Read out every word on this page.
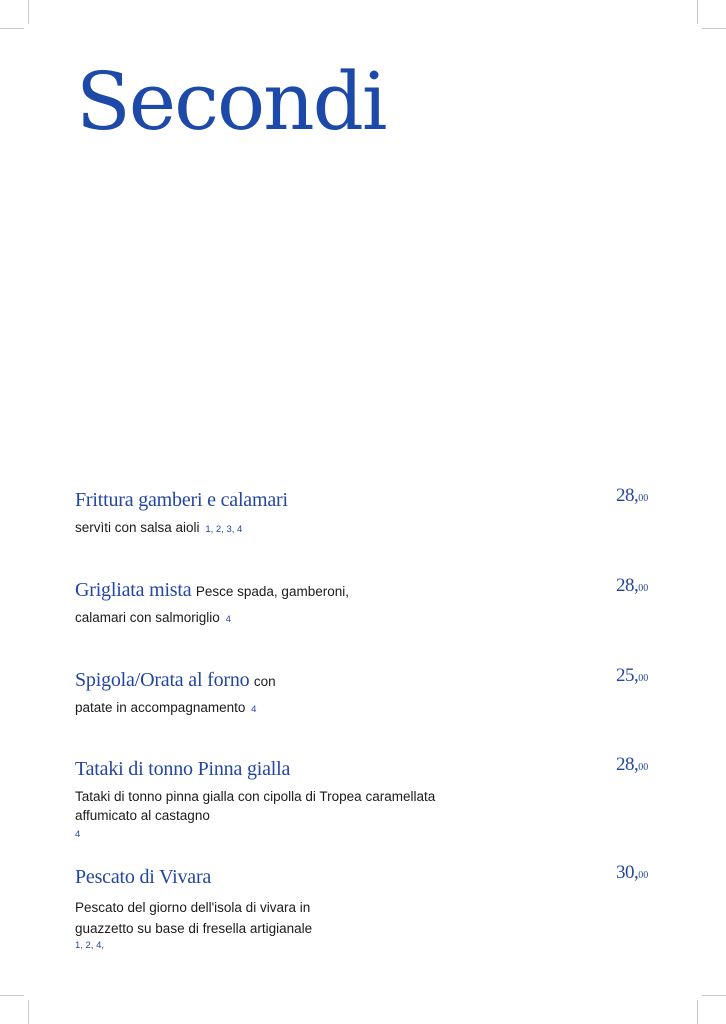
Secondi
Frittura gamberi e calamari
servìti con salsa aioli 1, 2, 3, 4
28,00
Grigliata mista Pesce spada, gamberoni,
calamari con salmoriglio 4
28,00
Spigola/Orata al forno con
patate in accompagnamento 4
25,00
Tataki di tonno Pinna gialla
Tataki di tonno pinna gialla con cipolla di Tropea caramellata
affumicato al castagno
4
28,00
Pescato di Vivara
Pescato del giorno dell'isola di vivara in
guazzetto su base di fresella artigianale
1, 2, 4,
30,00
